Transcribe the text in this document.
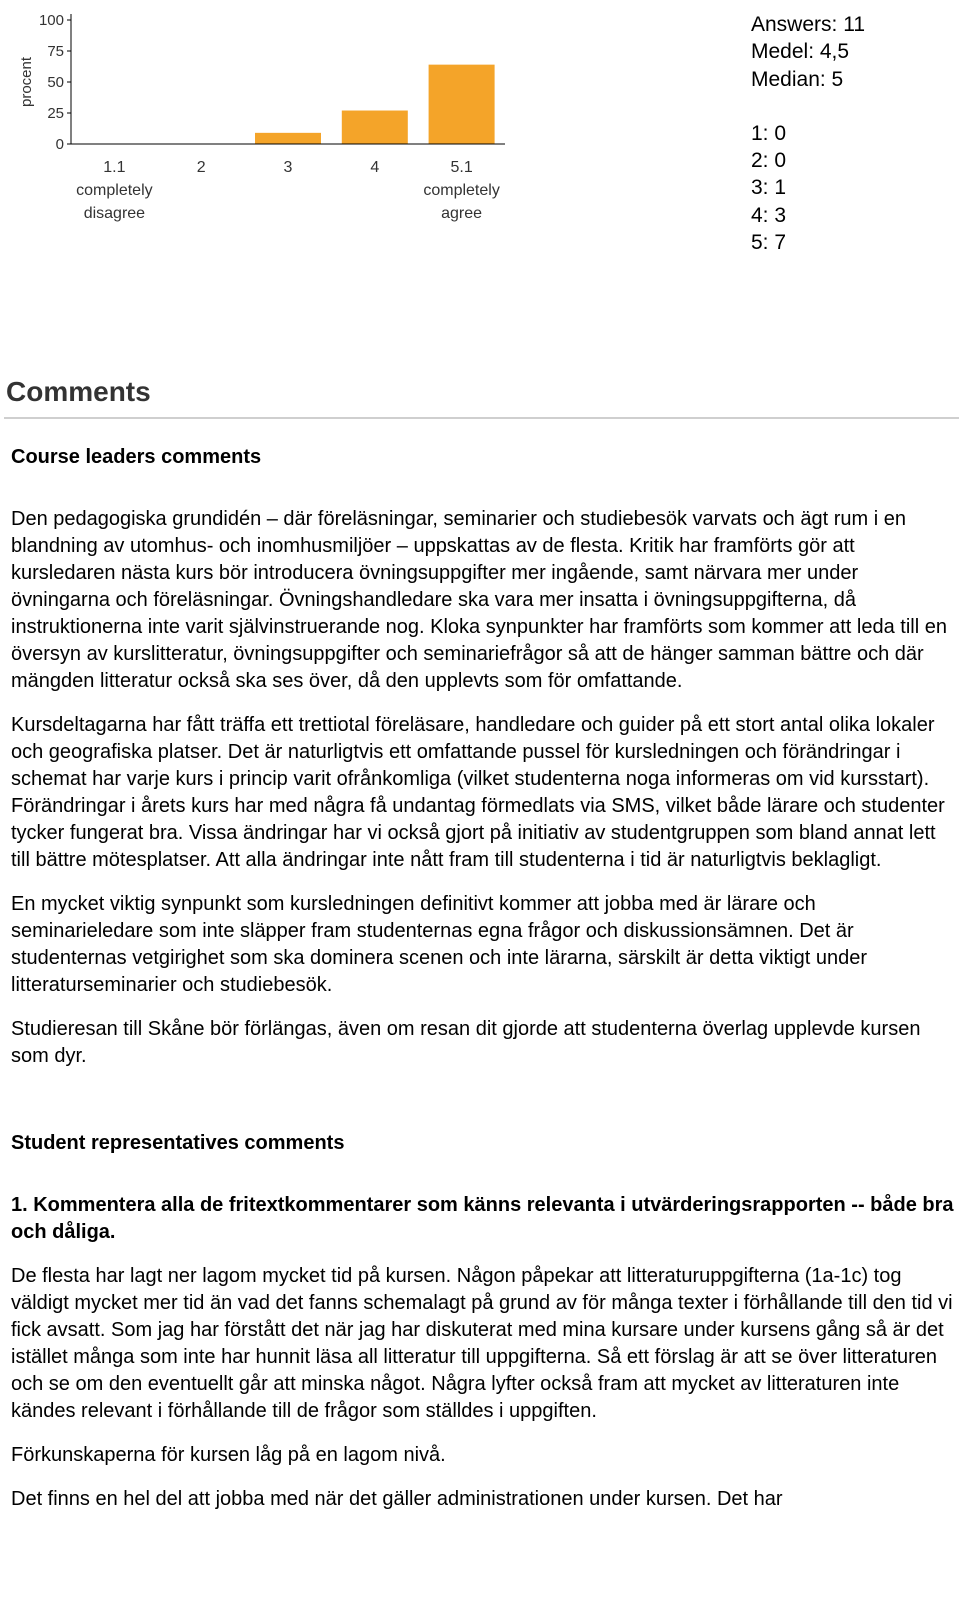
0
25
50
75
100
procent
1.1
completely
disagree
2	3	4	5.1
completely
agree
Answers: 11
Medel: 4,5
Median: 5
1: 0
2: 0
3: 1
4: 3
5: 7
Comments
Course leaders comments

Den pedagogiska grundidén – där föreläsningar, seminarier och studiebesök varvats och ägt rum i en blandning av utomhus- och inomhusmiljöer – uppskattas av de flesta. Kritik har framförts gör att kursledaren nästa kurs bör introducera övningsuppgifter mer ingående, samt närvara mer under övningarna och föreläsningar. Övningshandledare ska vara mer insatta i övningsuppgifterna, då instruktionerna inte varit självinstruerande nog. Kloka synpunkter har framförts som kommer att leda till en översyn av kurslitteratur, övningsuppgifter och seminariefrågor så att de hänger samman bättre och där mängden litteratur också ska ses över, då den upplevts som för omfattande.

Kursdeltagarna har fått träffa ett trettiotal föreläsare, handledare och guider på ett stort antal olika lokaler och geografiska platser. Det är naturligtvis ett omfattande pussel för kursledningen och förändringar i schemat har varje kurs i princip varit ofrånkomliga (vilket studenterna noga informeras om vid kursstart). Förändringar i årets kurs har med några få undantag förmedlats via SMS, vilket både lärare och studenter tycker fungerat bra. Vissa ändringar har vi också gjort på initiativ av studentgruppen som bland annat lett till bättre mötesplatser. Att alla ändringar inte nått fram till studenterna i tid är naturligtvis beklagligt.

En mycket viktig synpunkt som kursledningen definitivt kommer att jobba med är lärare och seminarieledare som inte släpper fram studenternas egna frågor och diskussionsämnen. Det är studenternas vetgirighet som ska dominera scenen och inte lärarna, särskilt är detta viktigt under litteraturseminarier och studiebesök.

Studieresan till Skåne bör förlängas, även om resan dit gjorde att studenterna överlag upplevde kursen som dyr.

Student representatives comments

1. Kommentera alla de fritextkommentarer som känns relevanta i utvärderingsrapporten -- både bra och dåliga.

De flesta har lagt ner lagom mycket tid på kursen. Någon påpekar att litteraturuppgifterna (1a-1c) tog väldigt mycket mer tid än vad det fanns schemalagt på grund av för många texter i förhållande till den tid vi fick avsatt. Som jag har förstått det när jag har diskuterat med mina kursare under kursens gång så är det istället många som inte har hunnit läsa all litteratur till uppgifterna. Så ett förslag är att se över litteraturen och se om den eventuellt går att minska något. Några lyfter också fram att mycket av litteraturen inte kändes relevant i förhållande till de frågor som ställdes i uppgiften.

Förkunskaperna för kursen låg på en lagom nivå.

Det finns en hel del att jobba med när det gäller administrationen under kursen. Det har
